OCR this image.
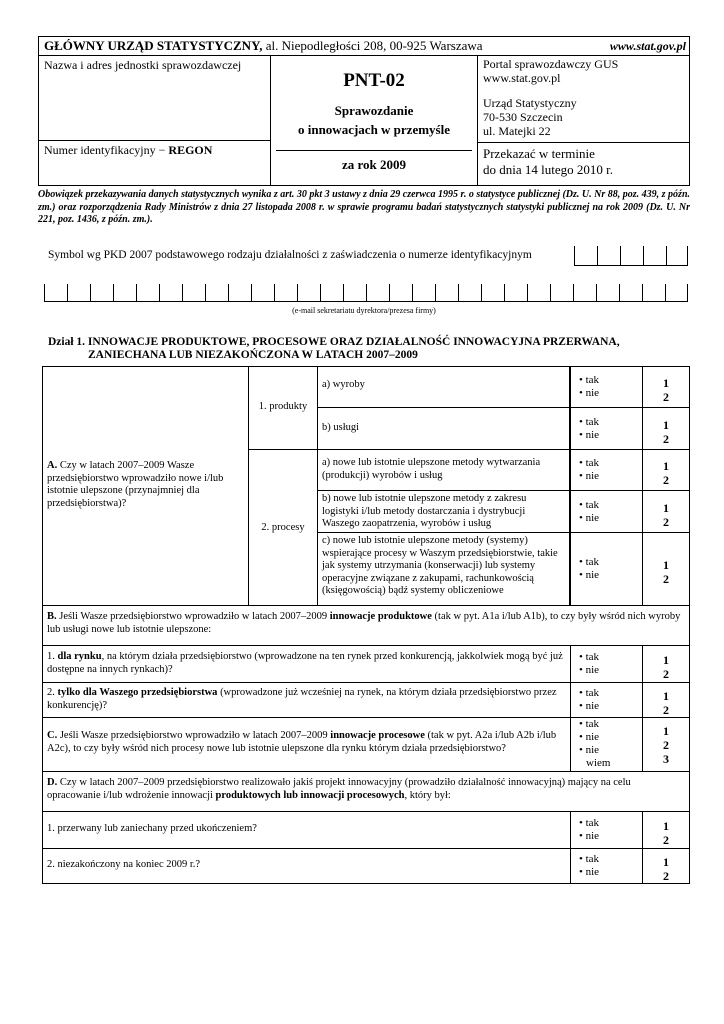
GŁÓWNY URZĄD STATYSTYCZNY, al. Niepodległości 208, 00-925 Warszawa	www.stat.gov.pl
Nazwa i adres jednostki sprawozdawczej
Numer identyfikacyjny − REGON
PNT-02
Sprawozdanie
o innowacjach w przemyśle
za rok 2009
Portal sprawozdawczy GUS
www.stat.gov.pl
Urząd Statystyczny
70-530 Szczecin
ul. Matejki 22
Przekazać w terminie
do dnia 14 lutego 2010 r.
Obowiązek przekazywania danych statystycznych wynika z art. 30 pkt 3 ustawy z dnia 29 czerwca 1995 r. o statystyce publicznej (Dz. U. Nr 88, poz. 439, z późn. zm.) oraz rozporządzenia Rady Ministrów z dnia 27 listopada 2008 r. w sprawie programu badań statystycznych statystyki publicznej na rok 2009 (Dz. U. Nr 221, poz. 1436, z późn. zm.).
Symbol wg PKD 2007 podstawowego rodzaju działalności z zaświadczenia o numerze identyfikacyjnym
(e-mail sekretariatu dyrektora/prezesa firmy)
Dział 1. INNOWACJE PRODUKTOWE, PROCESOWE ORAZ DZIAŁALNOŚĆ INNOWACYJNA PRZERWANA,
ZANIECHANA LUB NIEZAKOŃCZONA W LATACH 2007–2009
A. Czy w latach 2007–2009 Wasze przedsiębiorstwo wprowadziło nowe i/lub istotnie ulepszone (przynajmniej dla przedsiębiorstwa)?
1. produkty
2. procesy
a) wyroby
b) usługi
a) nowe lub istotnie ulepszone metody wytwarzania (produkcji) wyrobów i usług
b) nowe lub istotnie ulepszone metody z zakresu logistyki i/lub metody dostarczania i dystrybucji Waszego zaopatrzenia, wyrobów i usług
c) nowe lub istotnie ulepszone metody (systemy) wspierające procesy w Waszym przedsiębiorstwie, takie jak systemy utrzymania (konserwacji) lub systemy operacyjne związane z zakupami, rachunkowością (księgowością) bądź systemy obliczeniowe
B. Jeśli Wasze przedsiębiorstwo wprowadziło w latach 2007–2009 innowacje produktowe (tak w pyt. A1a i/lub A1b), to czy były wśród nich wyroby lub usługi nowe lub istotnie ulepszone:
1. dla rynku, na którym działa przedsiębiorstwo (wprowadzone na ten rynek przed konkurencją, jakkolwiek mogą być już dostępne na innych rynkach)?
2. tylko dla Waszego przedsiębiorstwa (wprowadzone już wcześniej na rynek, na którym działa przedsiębiorstwo przez konkurencję)?
C. Jeśli Wasze przedsiębiorstwo wprowadziło w latach 2007–2009 innowacje procesowe (tak w pyt. A2a i/lub A2b i/lub A2c), to czy były wśród nich procesy nowe lub istotnie ulepszone dla rynku którym działa przedsiębiorstwo?
• tak
• nie
• nie
wiem
1
2
3
D. Czy w latach 2007–2009 przedsiębiorstwo realizowało jakiś projekt innowacyjny (prowadziło działalność innowacyjną) mający na celu opracowanie i/lub wdrożenie innowacji produktowych lub innowacji procesowych, który był:
1. przerwany lub zaniechany przed ukończeniem?
2. niezakończony na koniec 2009 r.?
• tak
• nie
1
2
• tak
• nie
1
2
• tak
• nie
1
2
• tak
• nie
1
2
• tak
• nie
1
2
• tak
• nie
1
2
• tak
• nie
1
2
• tak
• nie
1
2
• tak
• nie
1
2
